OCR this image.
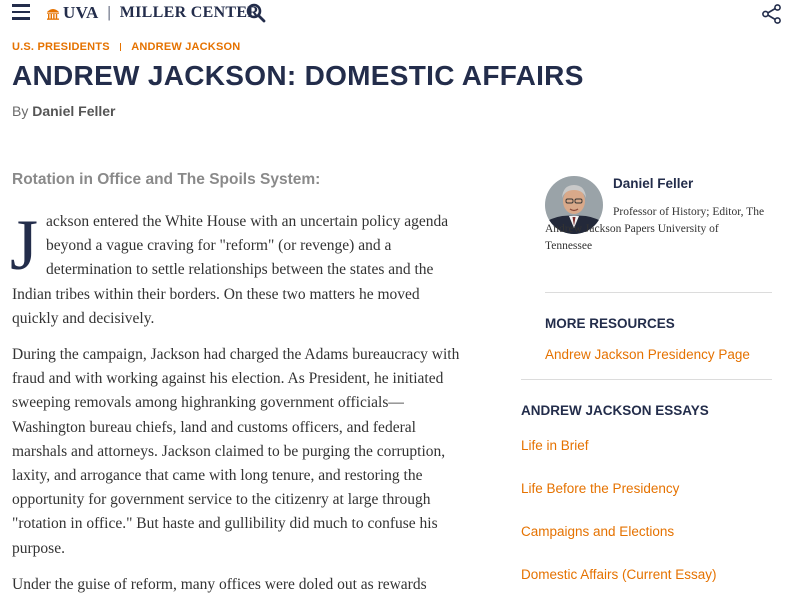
UVA | MILLER CENTER
U.S. PRESIDENTS ANDREW JACKSON
ANDREW JACKSON: DOMESTIC AFFAIRS
By Daniel Feller
Rotation in Office and The Spoils System:

Jackson entered the White House with an uncertain policy agenda beyond a vague craving for "reform" (or revenge) and a determination to settle relationships between the states and the Indian tribes within their borders. On these two matters he moved quickly and decisively.

During the campaign, Jackson had charged the Adams bureaucracy with fraud and with working against his election. As President, he initiated sweeping removals among highranking government officials—Washington bureau chiefs, land and customs officers, and federal marshals and attorneys. Jackson claimed to be purging the corruption, laxity, and arrogance that came with long tenure, and restoring the opportunity for government service to the citizenry at large through "rotation in office." But haste and gullibility did much to confuse his purpose.

Under the guise of reform, many offices were doled out as rewards

Daniel Feller

Professor of History; Editor, The Andrew Jackson Papers University of Tennessee

MORE RESOURCES
Andrew Jackson Presidency Page
ANDREW JACKSON ESSAYS
Life in Brief
Life Before the Presidency
Campaigns and Elections
Domestic Affairs (Current Essay)
